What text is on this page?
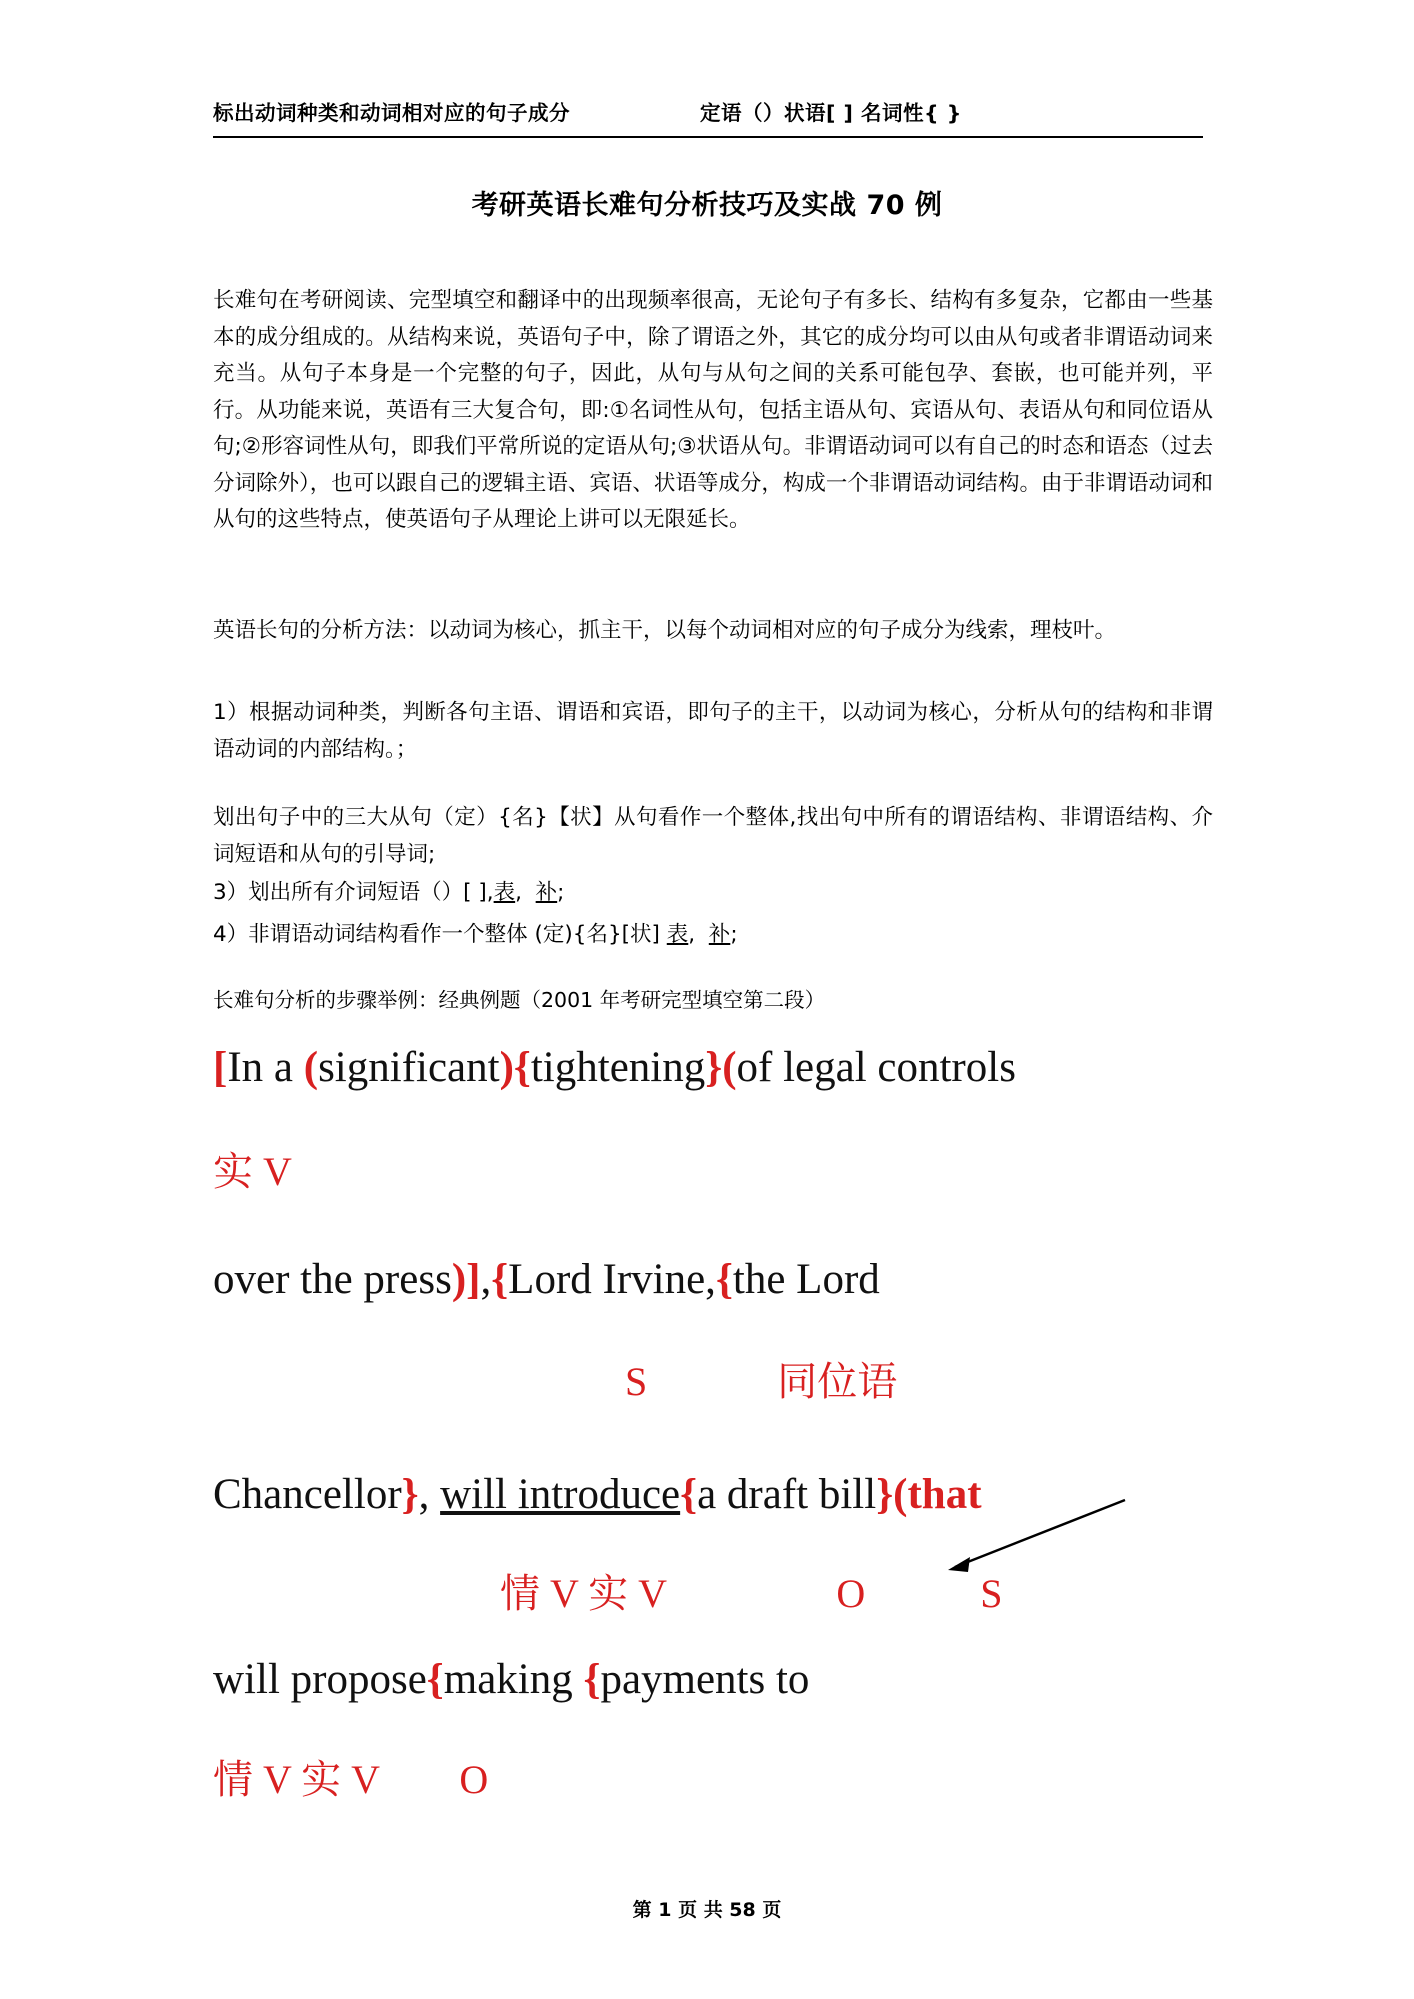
标出动词种类和动词相对应的句子成分	定语（）状语[ ] 名词性{ }
考研英语长难句分析技巧及实战 70 例
长难句在考研阅读、完型填空和翻译中的出现频率很高，无论句子有多长、结构有多复杂，它都由一些基本的成分组成的。从结构来说，英语句子中，除了谓语之外，其它的成分均可以由从句或者非谓语动词来充当。从句子本身是一个完整的句子，因此，从句与从句之间的关系可能包孕、套嵌，也可能并列，平行。从功能来说，英语有三大复合句，即:①名词性从句，包括主语从句、宾语从句、表语从句和同位语从句;②形容词性从句，即我们平常所说的定语从句;③状语从句。非谓语动词可以有自己的时态和语态（过去分词除外），也可以跟自己的逻辑主语、宾语、状语等成分，构成一个非谓语动词结构。由于非谓语动词和从句的这些特点，使英语句子从理论上讲可以无限延长。
英语长句的分析方法：以动词为核心，抓主干，以每个动词相对应的句子成分为线索，理枝叶。
1）根据动词种类，判断各句主语、谓语和宾语，即句子的主干，以动词为核心，分析从句的结构和非谓语动词的内部结构。；
划出句子中的三大从句（定）{名}【状】从句看作一个整体,找出句中所有的谓语结构、非谓语结构、介词短语和从句的引导词;
3）划出所有介词短语（）[ ],表, 补;
4）非谓语动词结构看作一个整体 (定){名}[状] 表, 补;
长难句分析的步骤举例：经典例题（2001 年考研完型填空第二段）
[In a (significant){tightening}(of legal controls
实 V
over the press)],{Lord Irvine,{the Lord
S	同位语
Chancellor}, will introduce{a draft bill}(that
情 V 实 V	O	S
will propose{making {payments to
情 V 实 V O
第 1 页 共 58 页
